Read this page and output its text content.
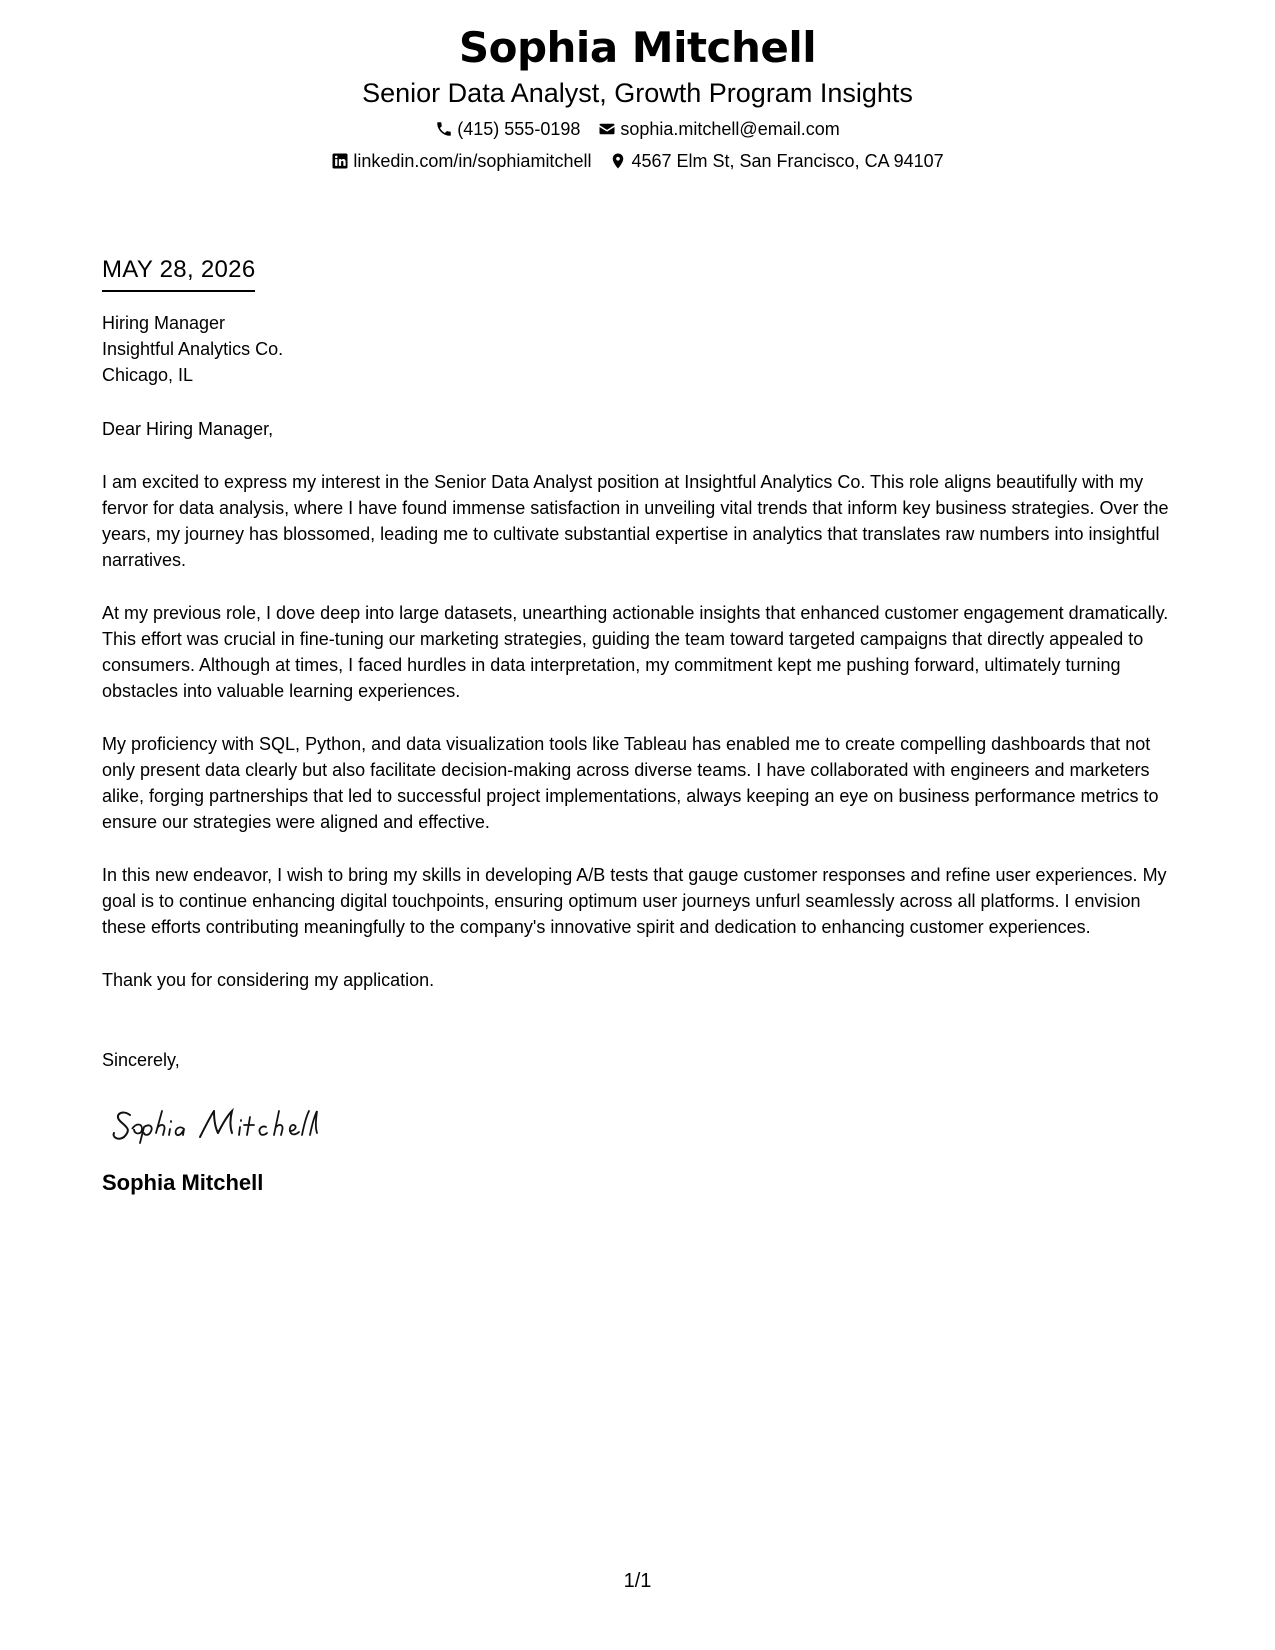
Sophia Mitchell
Senior Data Analyst, Growth Program Insights
(415) 555-0198 sophia.mitchell@email.com
linkedin.com/in/sophiamitchell 4567 Elm St, San Francisco, CA 94107
MAY 28, 2026
Hiring Manager
Insightful Analytics Co.
Chicago, IL
Dear Hiring Manager,
I am excited to express my interest in the Senior Data Analyst position at Insightful Analytics Co. This role aligns beautifully with my fervor for data analysis, where I have found immense satisfaction in unveiling vital trends that inform key business strategies. Over the years, my journey has blossomed, leading me to cultivate substantial expertise in analytics that translates raw numbers into insightful narratives.
At my previous role, I dove deep into large datasets, unearthing actionable insights that enhanced customer engagement dramatically. This effort was crucial in fine-tuning our marketing strategies, guiding the team toward targeted campaigns that directly appealed to consumers. Although at times, I faced hurdles in data interpretation, my commitment kept me pushing forward, ultimately turning obstacles into valuable learning experiences.
My proficiency with SQL, Python, and data visualization tools like Tableau has enabled me to create compelling dashboards that not only present data clearly but also facilitate decision-making across diverse teams. I have collaborated with engineers and marketers alike, forging partnerships that led to successful project implementations, always keeping an eye on business performance metrics to ensure our strategies were aligned and effective.
In this new endeavor, I wish to bring my skills in developing A/B tests that gauge customer responses and refine user experiences. My goal is to continue enhancing digital touchpoints, ensuring optimum user journeys unfurl seamlessly across all platforms. I envision these efforts contributing meaningfully to the company's innovative spirit and dedication to enhancing customer experiences.
Thank you for considering my application.
Sincerely,
Sophia Mitchell
1/1
